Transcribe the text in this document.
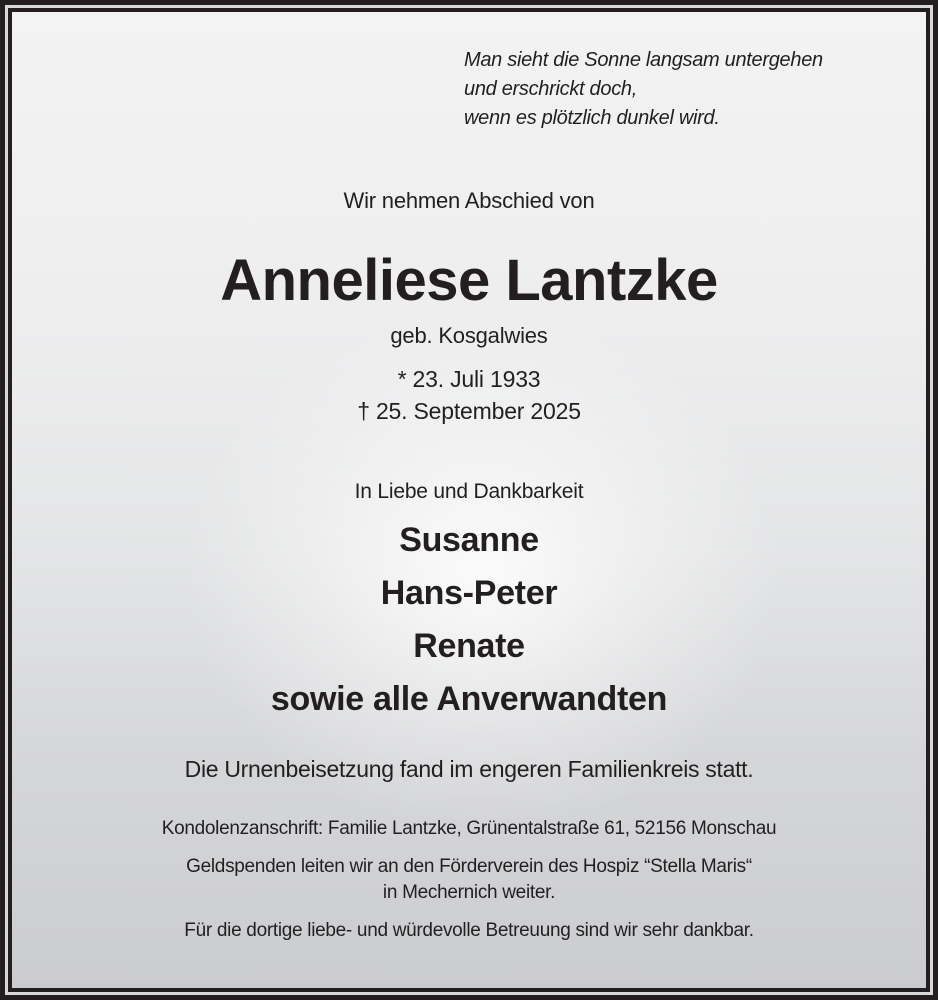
Man sieht die Sonne langsam untergehen
und erschrickt doch,
wenn es plötzlich dunkel wird.
Wir nehmen Abschied von
Anneliese Lantzke
geb. Kosgalwies
* 23. Juli 1933
† 25. September 2025
In Liebe und Dankbarkeit
Susanne
Hans-Peter
Renate
sowie alle Anverwandten
Die Urnenbeisetzung fand im engeren Familienkreis statt.
Kondolenzanschrift: Familie Lantzke, Grünentalstraße 61, 52156 Monschau
Geldspenden leiten wir an den Förderverein des Hospiz “Stella Maris“
in Mechernich weiter.
Für die dortige liebe- und würdevolle Betreuung sind wir sehr dankbar.
